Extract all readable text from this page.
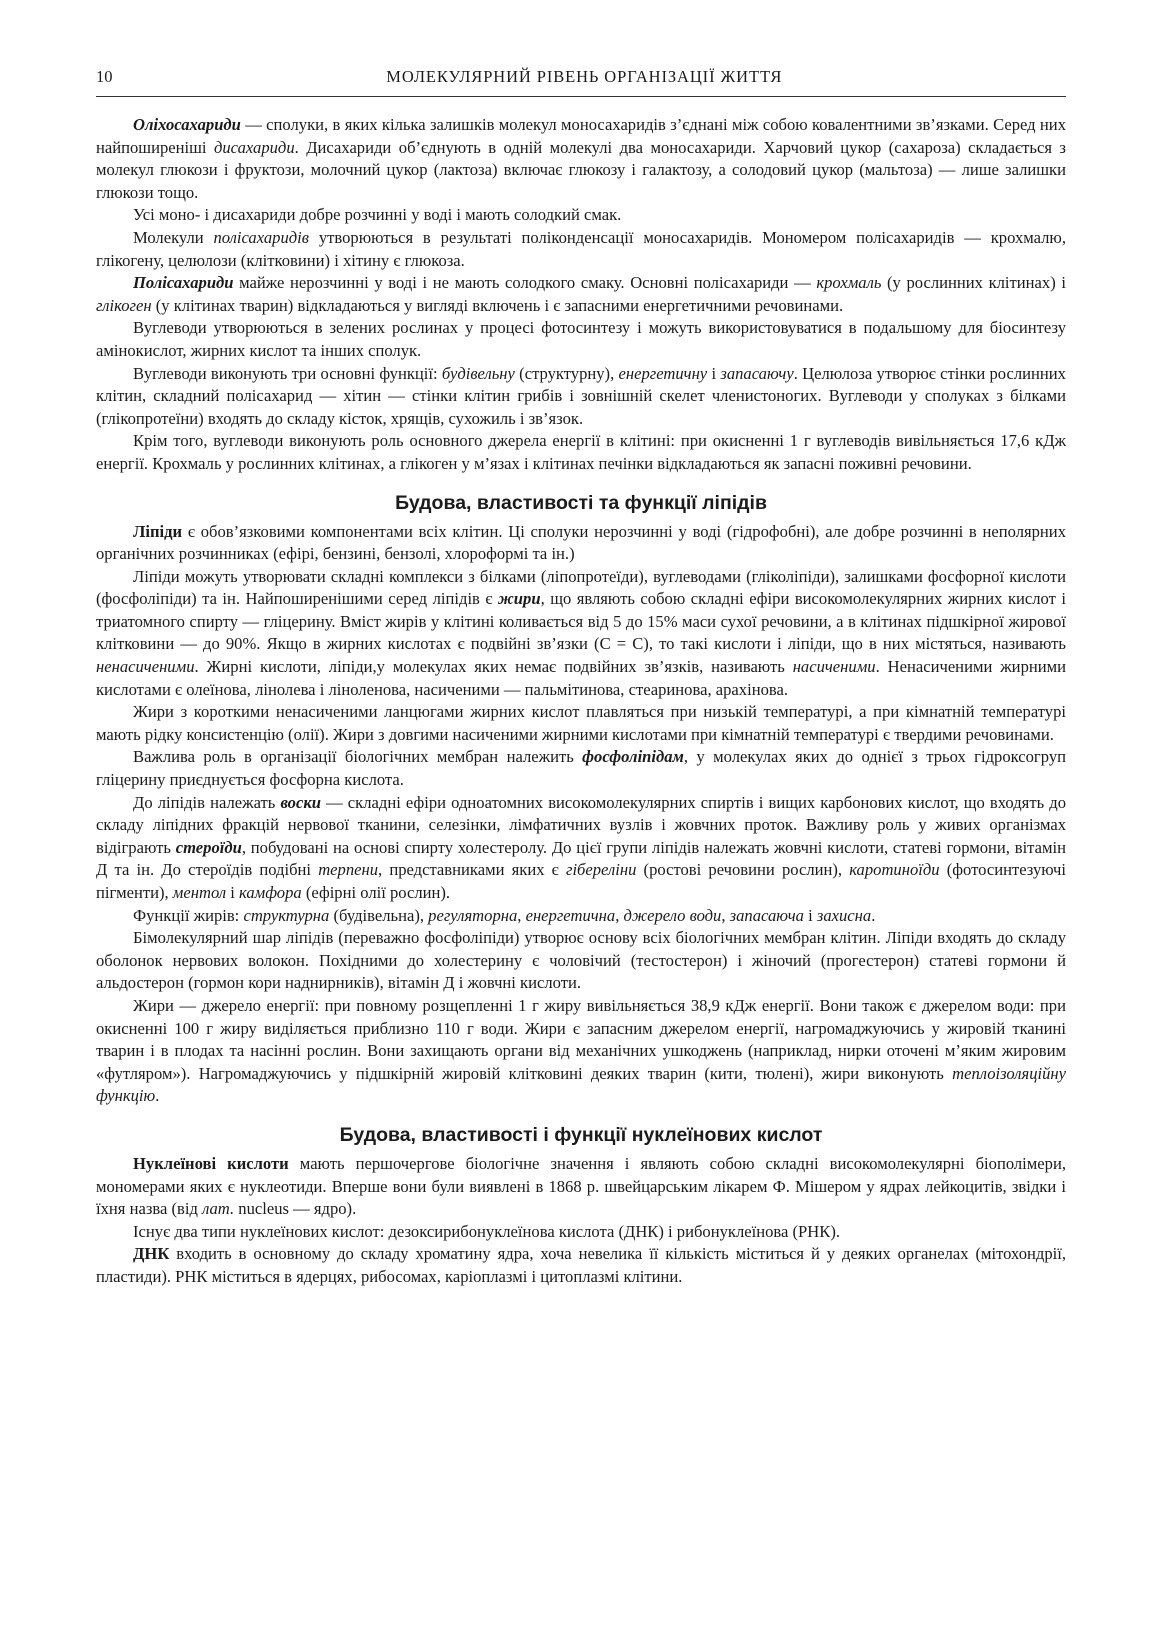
10	МОЛЕКУЛЯРНИЙ РІВЕНЬ ОРГАНІЗАЦІЇ ЖИТТЯ

Оліхосахариди — сполуки, в яких кілька залишків молекул моносахаридів з’єднані між собою ковалентними зв’язками. Серед них найпоширеніші дисахариди. Дисахариди об’єднують в одній молекулі два моносахариди. Харчовий цукор (сахароза) складається з молекул глюкози і фруктози, молочний цукор (лактоза) включає глюкозу і галактозу, а солодовий цукор (мальтоза) — лише залишки глюкози тощо.

Усі моно- і дисахариди добре розчинні у воді і мають солодкий смак.

Молекули полісахаридів утворюються в результаті поліконденсації моносахаридів. Мономером полісахаридів — крохмалю, глікогену, целюлози (клітковини) і хітину є глюкоза.

Полісахариди майже нерозчинні у воді і не мають солодкого смаку. Основні полісахариди — крохмаль (у рослинних клітинах) і глікоген (у клітинах тварин) відкладаються у вигляді включень і є запасними енергетичними речовинами.

Вуглеводи утворюються в зелених рослинах у процесі фотосинтезу і можуть використовуватися в подальшому для біосинтезу амінокислот, жирних кислот та інших сполук.

Вуглеводи виконують три основні функції: будівельну (структурну), енергетичну і запасаючу. Целюлоза утворює стінки рослинних клітин, складний полісахарид — хітин — стінки клітин грибів і зовнішній скелет членистоногих. Вуглеводи у сполуках з білками (глікопротеїни) входять до складу кісток, хрящів, сухожиль і зв’язок.

Крім того, вуглеводи виконують роль основного джерела енергії в клітині: при окисненні 1 г вуглеводів вивільняється 17,6 кДж енергії. Крохмаль у рослинних клітинах, а глікоген у м’язах і клітинах печінки відкладаються як запасні поживні речовини.

Будова, властивості та функції ліпідів

Ліпіди є обов’язковими компонентами всіх клітин. Ці сполуки нерозчинні у воді (гідрофобні), але добре розчинні в неполярних органічних розчинниках (ефірі, бензині, бензолі, хлороформі та ін.)

Ліпіди можуть утворювати складні комплекси з білками (ліпопротеїди), вуглеводами (гліколіпіди), залишками фосфорної кислоти (фосфоліпіди) та ін. Найпоширенішими серед ліпідів є жири, що являють собою складні ефіри високомолекулярних жирних кислот і триатомного спирту — гліцерину. Вміст жирів у клітині коливається від 5 до 15% маси сухої речовини, а в клітинах підшкірної жирової клітковини — до 90%. Якщо в жирних кислотах є подвійні зв’язки (С = С), то такі кислоти і ліпіди, що в них містяться, називають ненасиченими. Жирні кислоти, ліпіди,у молекулах яких немає подвійних зв’язків, називають насиченими. Ненасиченими жирними кислотами є олеїнова, лінолева і ліноленова, насиченими — пальмітинова, стеаринова, арахінова.

Жири з короткими ненасиченими ланцюгами жирних кислот плавляться при низькій температурі, а при кімнатній температурі мають рідку консистенцію (олії). Жири з довгими насиченими жирними кислотами при кімнатній температурі є твердими речовинами.

Важлива роль в організації біологічних мембран належить фосфоліпідам, у молекулах яких до однієї з трьох гідроксогруп гліцерину приєднується фосфорна кислота.

До ліпідів належать воски — складні ефіри одноатомних високомолекулярних спиртів і вищих карбонових кислот, що входять до складу ліпідних фракцій нервової тканини, селезінки, лімфатичних вузлів і жовчних проток. Важливу роль у живих організмах відіграють стероїди, побудовані на основі спирту холестеролу. До цієї групи ліпідів належать жовчні кислоти, статеві гормони, вітамін Д та ін. До стероїдів подібні терпени, представниками яких є гібереліни (ростові речовини рослин), каротиноїди (фотосинтезуючі пігменти), ментол і камфора (ефірні олії рослин).

Функції жирів: структурна (будівельна), регуляторна, енергетична, джерело води, запасаюча і захисна.

Бімолекулярний шар ліпідів (переважно фосфоліпіди) утворює основу всіх біологічних мембран клітин. Ліпіди входять до складу оболонок нервових волокон. Похідними до холестерину є чоловічий (тестостерон) і жіночий (прогестерон) статеві гормони й альдостерон (гормон кори наднирників), вітамін Д і жовчні кислоти.

Жири — джерело енергії: при повному розщепленні 1 г жиру вивільняється 38,9 кДж енергії. Вони також є джерелом води: при окисненні 100 г жиру виділяється приблизно 110 г води. Жири є запасним джерелом енергії, нагромаджуючись у жировій тканині тварин і в плодах та насінні рослин. Вони захищають органи від механічних ушкоджень (наприклад, нирки оточені м’яким жировим «футляром»). Нагромаджуючись у підшкірній жировій клітковині деяких тварин (кити, тюлені), жири виконують теплоізоляційну функцію.

Будова, властивості і функції нуклеїнових кислот

Нуклеїнові кислоти мають першочергове біологічне значення і являють собою складні високомолекулярні біополімери, мономерами яких є нуклеотиди. Вперше вони були виявлені в 1868 р. швейцарським лікарем Ф. Мішером у ядрах лейкоцитів, звідки і їхня назва (від лат. nucleus — ядро).

Існує два типи нуклеїнових кислот: дезоксирибонуклеїнова кислота (ДНК) і рибонуклеїнова (РНК).

ДНК входить в основному до складу хроматину ядра, хоча невелика її кількість міститься й у деяких органелах (мітохондрії, пластиди). РНК міститься в ядерцях, рибосомах, каріоплазмі і цитоплазмі клітини.
